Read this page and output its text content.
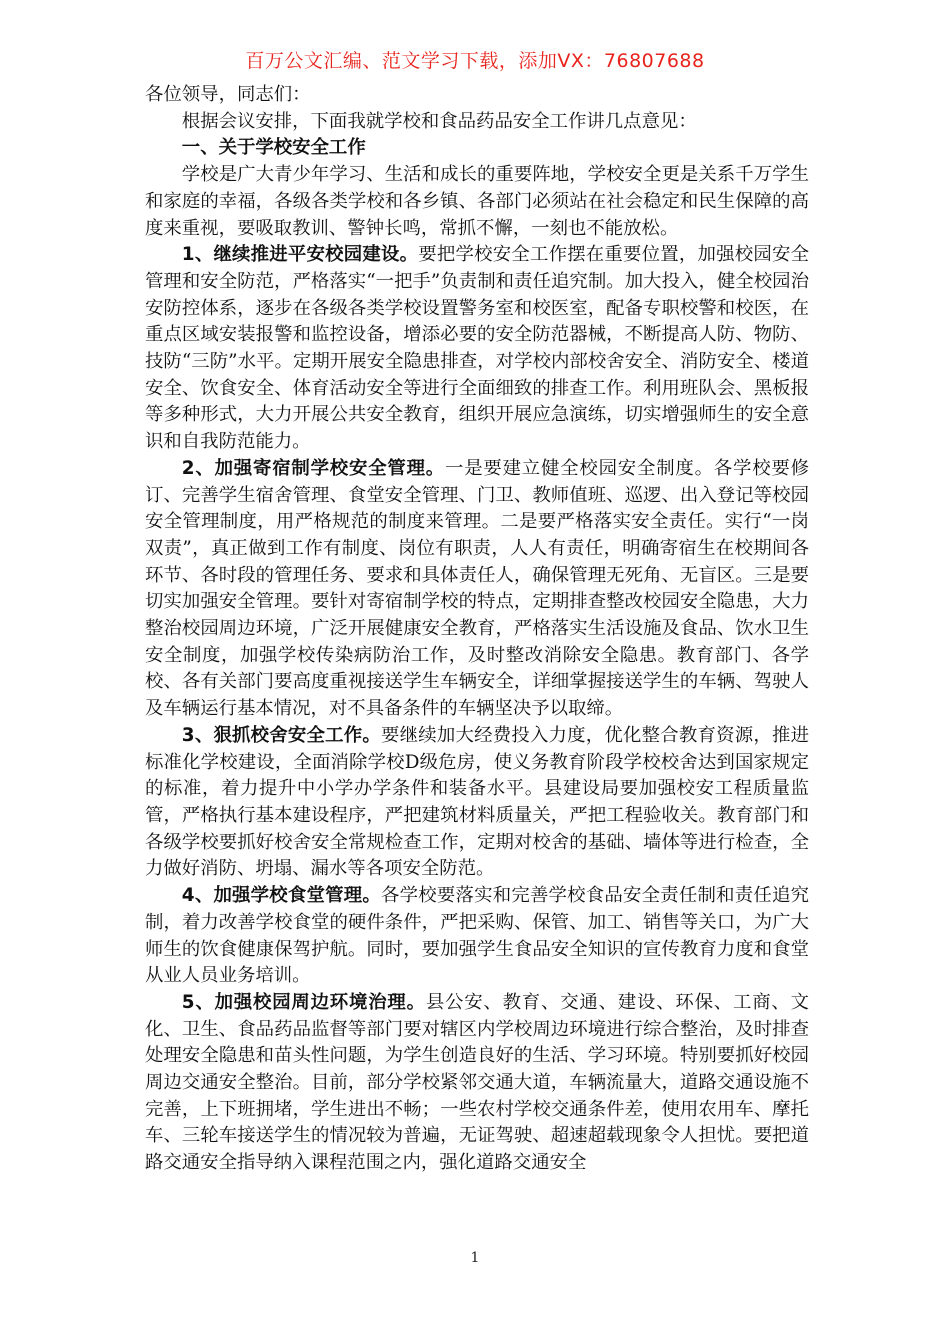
百万公文汇编、范文学习下载，添加VX：76807688

各位领导，同志们：

根据会议安排，下面我就学校和食品药品安全工作讲几点意见：

一、关于学校安全工作

学校是广大青少年学习、生活和成长的重要阵地，学校安全更是关系千万学生和家庭的幸福，各级各类学校和各乡镇、各部门必须站在社会稳定和民生保障的高度来重视，要吸取教训、警钟长鸣，常抓不懈，一刻也不能放松。

1、继续推进平安校园建设。要把学校安全工作摆在重要位置，加强校园安全管理和安全防范，严格落实“一把手”负责制和责任追究制。加大投入，健全校园治安防控体系，逐步在各级各类学校设置警务室和校医室，配备专职校警和校医，在重点区域安装报警和监控设备，增添必要的安全防范器械，不断提高人防、物防、技防“三防”水平。定期开展安全隐患排查，对学校内部校舍安全、消防安全、楼道安全、饮食安全、体育活动安全等进行全面细致的排查工作。利用班队会、黑板报等多种形式，大力开展公共安全教育，组织开展应急演练，切实增强师生的安全意识和自我防范能力。

2、加强寄宿制学校安全管理。一是要建立健全校园安全制度。各学校要修订、完善学生宿舍管理、食堂安全管理、门卫、教师值班、巡逻、出入登记等校园安全管理制度，用严格规范的制度来管理。二是要严格落实安全责任。实行“一岗双责”，真正做到工作有制度、岗位有职责，人人有责任，明确寄宿生在校期间各环节、各时段的管理任务、要求和具体责任人，确保管理无死角、无盲区。三是要切实加强安全管理。要针对寄宿制学校的特点，定期排查整改校园安全隐患，大力整治校园周边环境，广泛开展健康安全教育，严格落实生活设施及食品、饮水卫生安全制度，加强学校传染病防治工作，及时整改消除安全隐患。教育部门、各学校、各有关部门要高度重视接送学生车辆安全，详细掌握接送学生的车辆、驾驶人及车辆运行基本情况，对不具备条件的车辆坚决予以取缔。

3、狠抓校舍安全工作。要继续加大经费投入力度，优化整合教育资源，推进标准化学校建设，全面消除学校D级危房，使义务教育阶段学校校舍达到国家规定的标准，着力提升中小学办学条件和装备水平。县建设局要加强校安工程质量监管，严格执行基本建设程序，严把建筑材料质量关，严把工程验收关。教育部门和各级学校要抓好校舍安全常规检查工作，定期对校舍的基础、墙体等进行检查，全力做好消防、坍塌、漏水等各项安全防范。

4、加强学校食堂管理。各学校要落实和完善学校食品安全责任制和责任追究制，着力改善学校食堂的硬件条件，严把采购、保管、加工、销售等关口，为广大师生的饮食健康保驾护航。同时，要加强学生食品安全知识的宣传教育力度和食堂从业人员业务培训。

5、加强校园周边环境治理。县公安、教育、交通、建设、环保、工商、文化、卫生、食品药品监督等部门要对辖区内学校周边环境进行综合整治，及时排查处理安全隐患和苗头性问题，为学生创造良好的生活、学习环境。特别要抓好校园周边交通安全整治。目前，部分学校紧邻交通大道，车辆流量大，道路交通设施不完善，上下班拥堵，学生进出不畅；一些农村学校交通条件差，使用农用车、摩托车、三轮车接送学生的情况较为普遍，无证驾驶、超速超载现象令人担忧。要把道路交通安全指导纳入课程范围之内，强化道路交通安全

1
